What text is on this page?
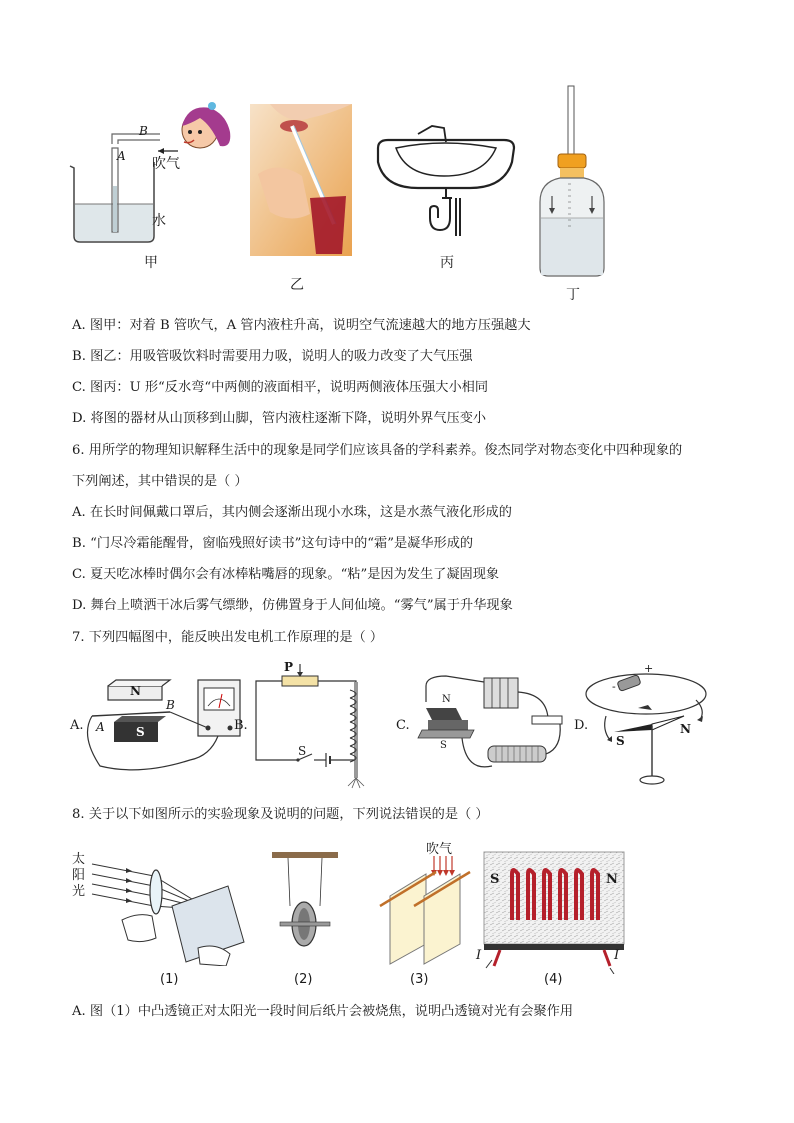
B
A 吹气
水
甲
乙
丙
丁
A. 图甲：对着 B 管吹气，A 管内液柱升高，说明空气流速越大的地方压强越大
B. 图乙：用吸管吸饮料时需要用力吸，说明人的吸力改变了大气压强
C. 图丙：U 形“反水弯“中两侧的液面相平，说明两侧液体压强大小相同
D. 将图的器材从山顶移到山脚，管内液柱逐渐下降，说明外界气压变小
6. 用所学的物理知识解释生活中的现象是同学们应该具备的学科素养。俊杰同学对物态变化中四种现象的
下列阐述，其中错误的是（ ）
A. 在长时间佩戴口罩后，其内侧会逐渐出现小水珠，这是水蒸气液化形成的
B. “门尽冷霜能醒骨，窗临残照好读书”这句诗中的“霜”是凝华形成的
C. 夏天吃冰棒时偶尔会有冰棒粘嘴唇的现象。“粘”是因为发生了凝固现象
D. 舞台上喷洒干冰后雾气缥缈，仿佛置身于人间仙境。“雾气”属于升华现象
7. 下列四幅图中，能反映出发电机工作原理的是（ ）
A.
N
S
A
B
B.
P
S
C.
N
S
D.
S
N
+
-
8. 关于以下如图所示的实验现象及说明的问题，下列说法错误的是（ ）
太
阳
光
(1)	(2)
吹气
(3)
S	N
I	I
(4)
A. 图（1）中凸透镜正对太阳光一段时间后纸片会被烧焦，说明凸透镜对光有会聚作用
